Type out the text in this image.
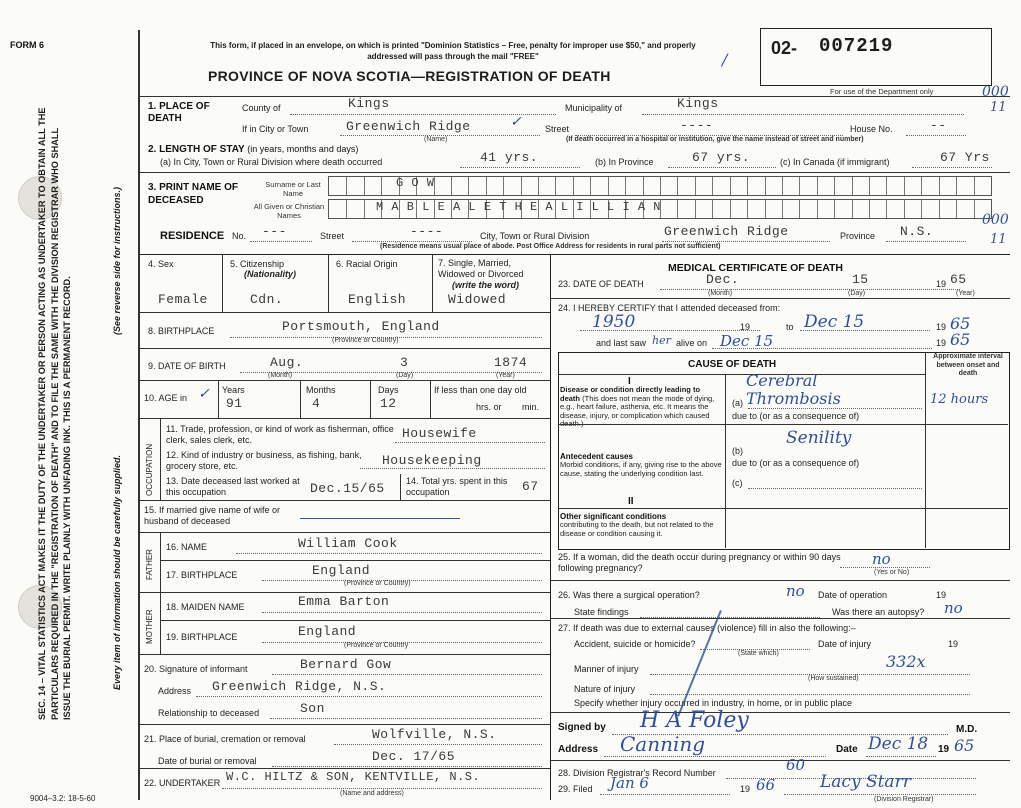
FORM 6
SEC. 14 – VITAL STATISTICS ACT MAKES IT THE DUTY OF THE UNDERTAKER OR PERSON ACTING AS UNDERTAKER TO OBTAIN ALL THE PARTICULARS REQUIRED IN THE "REGISTRATION OF DEATH" AND TO FILE THE SAME WITH THE DIVISION REGISTRAR WHO SHALL ISSUE THE BURIAL PERMIT. WRITE PLAINLY WITH UNFADING INK. THIS IS A PERMANENT RECORD.	Every item of information should be carefully supplied.
(See reverse side for instructions.)
This form, if placed in an envelope, on which is printed "Dominion Statistics – Free, penalty for improper use $50," and properly addressed will pass through the mail "FREE"
PROVINCE OF NOVA SCOTIA—REGISTRATION OF DEATH
02- 007219
For use of the Department only	000
11
000
11
/
1. PLACE OF DEATH
County of	Kings	Municipality of	Kings
If in City or Town	Greenwich Ridge	✓
(Name)
Street	----	House No.	--
(If death occurred in a hospital or institution, give the name instead of street and number)
2. LENGTH OF STAY (in years, months and days)
(a) In City, Town or Rural Division where death occurred	41 yrs.	(b) In Province	67 yrs.	(c) In Canada (if immigrant)	67 Yrs
3. PRINT NAME OF DECEASED
Surname or Last Name
All Given or Christian Names
G O W
M A B L E A L E T H E A L I L L I A N
RESIDENCE No. ---	Street	----	City, Town or Rural Division	Greenwich Ridge	Province N.S.
(Residence means usual place of abode. Post Office Address for residents in rural parts not sufficient)
4. Sex
Female
5. Citizenship
(Nationality)
Cdn.
6. Racial Origin
English
7. Single, Married, Widowed or Divorced
(write the word)
Widowed
8. BIRTHPLACE	Portsmouth, England
(Province or Country)
9. DATE OF BIRTH	Aug.	3	1874
(Month)	(Day)	(Year)
10. AGE in ✓ Years
91
Months
4
Days
12
If less than one day old
hrs. or min.
OCCUPATION
11. Trade, profession, or kind of work as fisherman, office clerk, sales clerk, etc.	Housewife
12. Kind of industry or business, as fishing, bank, grocery store, etc.	Housekeeping
13. Date deceased last worked at this occupation	Dec.15/65 14. Total yrs. spent in this occupation	67
15. If married give name of wife or husband of deceased
FATHER
16. NAME	William Cook
17. BIRTHPLACE	England
(Province or Country)
MOTHER
18. MAIDEN NAME	Emma Barton
19. BIRTHPLACE	England
(Province or Country
20. Signature of informant	Bernard Gow
Address Greenwich Ridge, N.S.
Relationship to deceased	Son
21. Place of burial, cremation or removal	Wolfville, N.S.
Date of burial or removal	Dec. 17/65
22. UNDERTAKER W.C. HILTZ & SON, KENTVILLE, N.S.
(Name and address)
9004–3.2: 18-5-60
MEDICAL CERTIFICATE OF DEATH
23. DATE OF DEATH	Dec.	15	19 65
(Month)	(Day)	(Year)
24. I HEREBY CERTIFY that I attended deceased from:
1950	19	to Dec 15	19 65
and last saw her alive on Dec 15	19 65
CAUSE OF DEATH
Approximate interval between onset and death
I
Disease or condition directly leading to death (This does not mean the mode of dying, e.g., heart failure, asthenia, etc. It means the disease, injury, or complication which caused death.)
(a)
Cerebral Thrombosis	12 hours
due to (or as a consequence of)
(b)
Senility
due to (or as a consequence of)
Antecedent causes
Morbid conditions, if any, giving rise to the above cause, stating the underlying condition last.
(c)
II
Other significant conditions
contributing to the death, but not related to the disease or condition causing it.
25. If a woman, did the death occur during pregnancy or within 90 days following pregnancy?	no
(Yes or No)
26. Was there a surgical operation?	no Date of operation	19
State findings	Was there an autopsy? no
27. If death was due to external causes (violence) fill in also the following:–
Accident, suicide or homicide?	Date of injury	19
(State which)
Manner of injury	332x
(How sustained)
Nature of injury
Specify whether injury occurred in industry, in home, or in public place
Signed by H A Foley	M.D.
Address Canning	Date Dec 18 19 65
28. Division Registrar's Record Number	60
29. Filed Jan 6	19 66	Lacy Starr
(Division Registrar)
